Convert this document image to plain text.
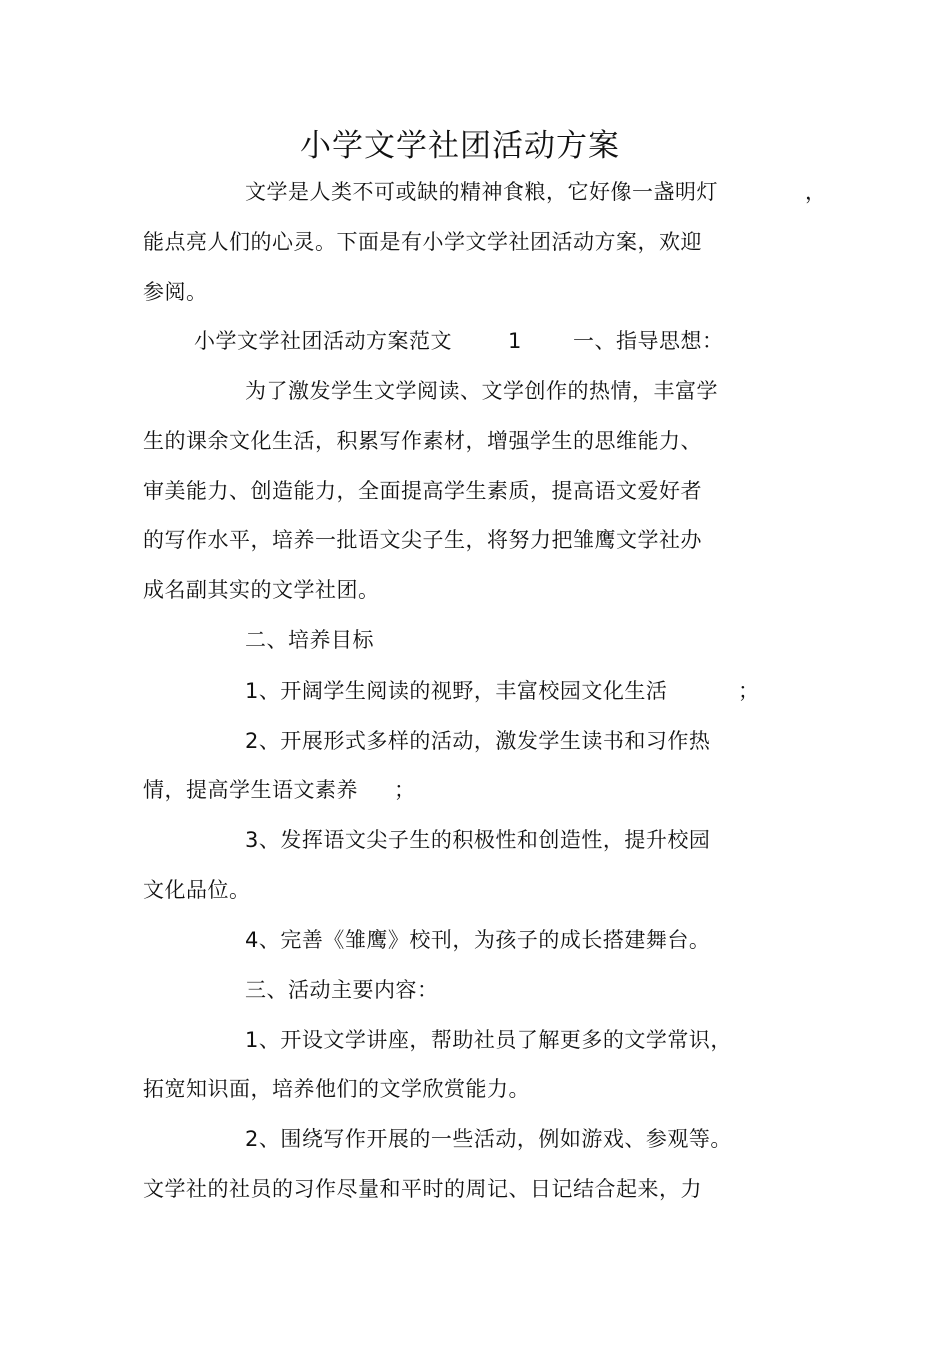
小学文学社团活动方案
文学是人类不可或缺的精神食粮，它好像一盏明灯	，
能点亮人们的心灵。下面是有小学文学社团活动方案，欢迎
参阅。
小学文学社团活动方案范文	1 一、指导思想：
为了激发学生文学阅读、文学创作的热情，丰富学
生的课余文化生活，积累写作素材，增强学生的思维能力、
审美能力、创造能力，全面提高学生素质，提高语文爱好者
的写作水平，培养一批语文尖子生，将努力把雏鹰文学社办
成名副其实的文学社团。
二、培养目标
1、开阔学生阅读的视野，丰富校园文化生活	；
2、开展形式多样的活动，激发学生读书和习作热
情，提高学生语文素养 ；
3、发挥语文尖子生的积极性和创造性，提升校园
文化品位。
4、完善《雏鹰》校刊，为孩子的成长搭建舞台。
三、活动主要内容：
1、开设文学讲座，帮助社员了解更多的文学常识，
拓宽知识面，培养他们的文学欣赏能力。
2、围绕写作开展的一些活动，例如游戏、参观等。
文学社的社员的习作尽量和平时的周记、日记结合起来，力
